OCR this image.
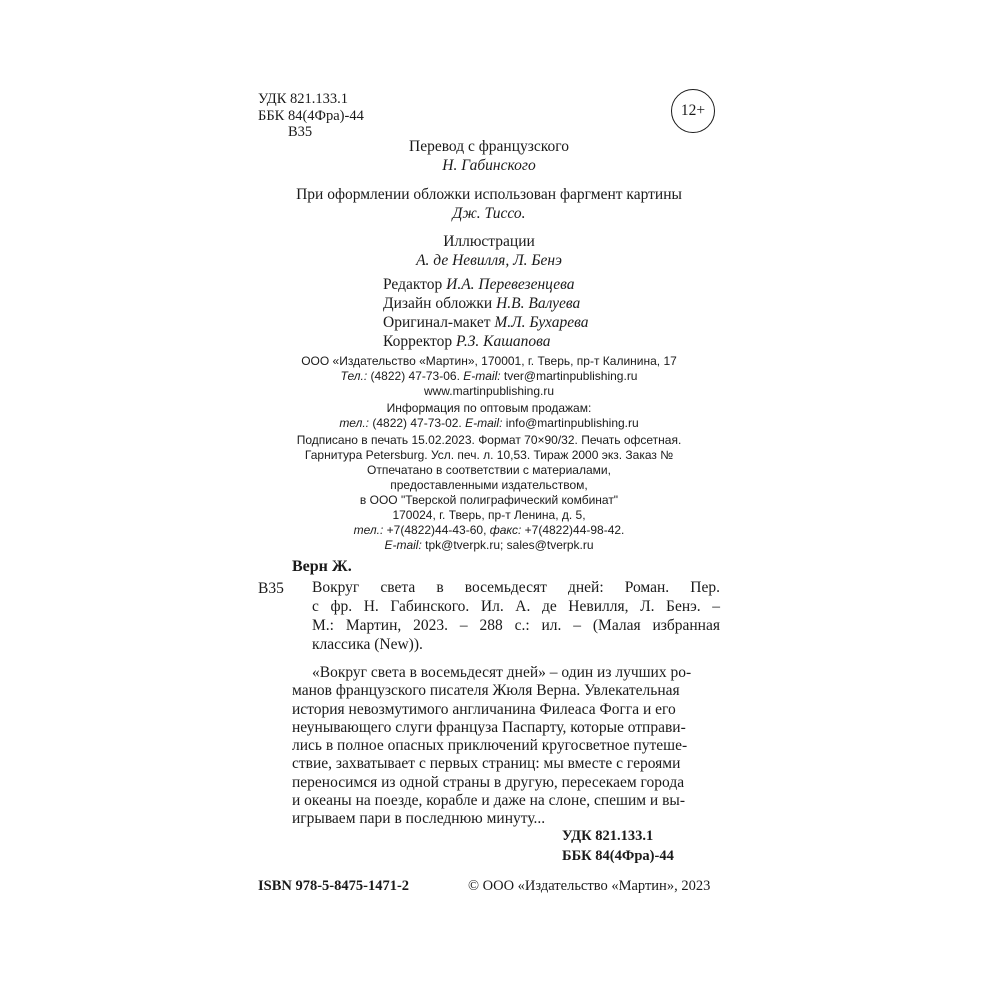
УДК 821.133.1
ББК 84(4Фра)-44
В35
12+
Перевод с французского
Н. Габинского
При оформлении обложки использован фаргмент картины
Дж. Тиссо.
Иллюстрации
А. де Невилля, Л. Бенэ
Редактор И.А. Перевезенцева
Дизайн обложки Н.В. Валуева
Оригинал-макет М.Л. Бухарева
Корректор Р.З. Кашапова
ООО «Издательство «Мартин», 170001, г. Тверь, пр-т Калинина, 17
Тел.: (4822) 47-73-06. E-mail: tver@martinpublishing.ru
www.martinpublishing.ru
Информация по оптовым продажам:
тел.: (4822) 47-73-02. E-mail: info@martinpublishing.ru
Подписано в печать 15.02.2023. Формат 70×90/32. Печать офсетная.
Гарнитура Petersburg. Усл. печ. л. 10,53. Тираж 2000 экз. Заказ №
Отпечатано в соответствии с материалами,
предоставленными издательством,
в ООО "Тверской полиграфический комбинат"
170024, г. Тверь, пр-т Ленина, д. 5,
тел.: +7(4822)44-43-60, факс: +7(4822)44-98-42.
E-mail: tpk@tverpk.ru; sales@tverpk.ru
Верн Ж.
В35 Вокруг света в восемьдесят дней: Роман. Пер.
с фр. Н. Габинского. Ил. А. де Невилля, Л. Бенэ. –
М.: Мартин, 2023. – 288 с.: ил. – (Малая избранная
классика (New)).
«Вокруг света в восемьдесят дней» – один из лучших ро-
манов французского писателя Жюля Верна. Увлекательная
история невозмутимого англичанина Филеаса Фогга и его
неунывающего слуги француза Паспарту, которые отправи-
лись в полное опасных приключений кругосветное путеше-
ствие, захватывает с первых страниц: мы вместе с героями
переносимся из одной страны в другую, пересекаем города
и океаны на поезде, корабле и даже на слоне, спешим и вы-
игрываем пари в последнюю минуту...
УДК 821.133.1
ББК 84(4Фра)-44
ISBN 978-5-8475-1471-2	© ООО «Издательство «Мартин», 2023
